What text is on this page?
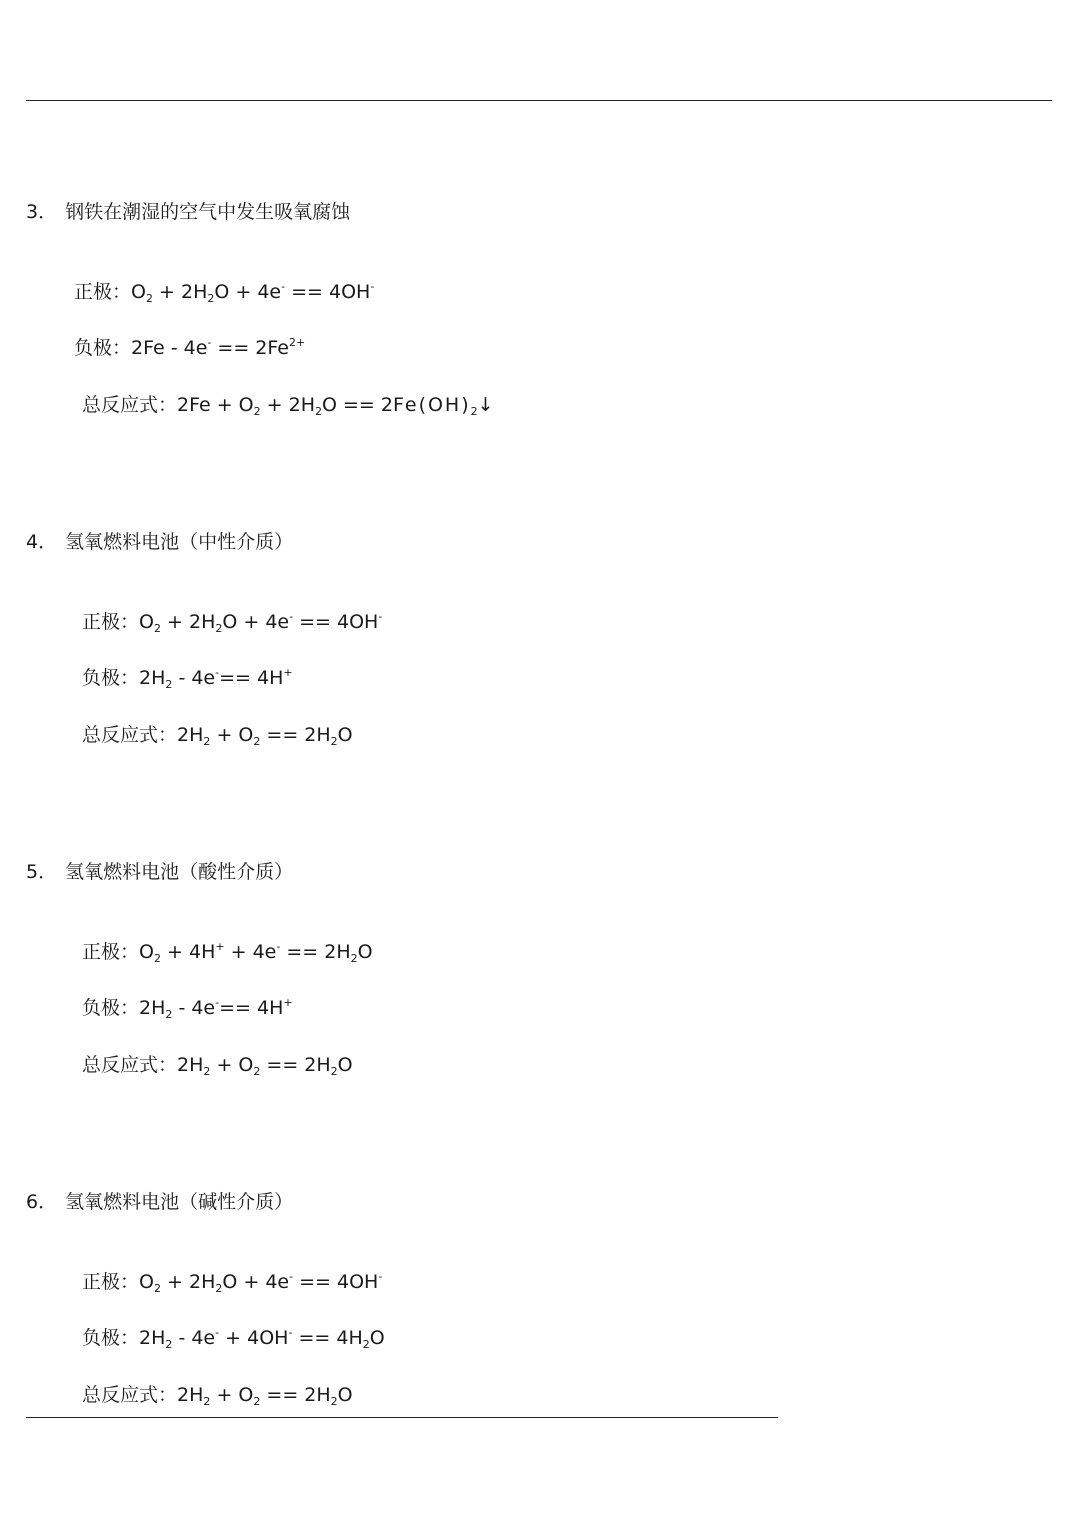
3． 钢铁在潮湿的空气中发生吸氧腐蚀
正极：$O_2 + 2H_2O + 4e^- == 4OH^-$
负极：$2Fe - 4e^- == 2Fe^{2+}$
总反应式：$2Fe + O_2 + 2H_2O$ == $2Fe(OH)_2↓$
4． 氢氧燃料电池（中性介质）
正极：$O_2 + 2H_2O + 4e^- == 4OH^-$
负极：$2H_2 - 4e^-== 4H^+$
总反应式：$2H_2 + O_2 == 2H_2O$
5． 氢氧燃料电池（酸性介质）
正极：$O_2 + 4H^+ + 4e^- == 2H_2O$
负极：$2H_2 - 4e^-== 4H^+$
总反应式：$2H_2 + O_2 == 2H_2O$
6． 氢氧燃料电池（碱性介质）
正极：$O_2 + 2H_2O + 4e^- == 4OH^-$
负极：$2H_2 - 4e^- + 4OH^- == 4H_2O$
总反应式：$2H_2 + O_2 == 2H_2O$
